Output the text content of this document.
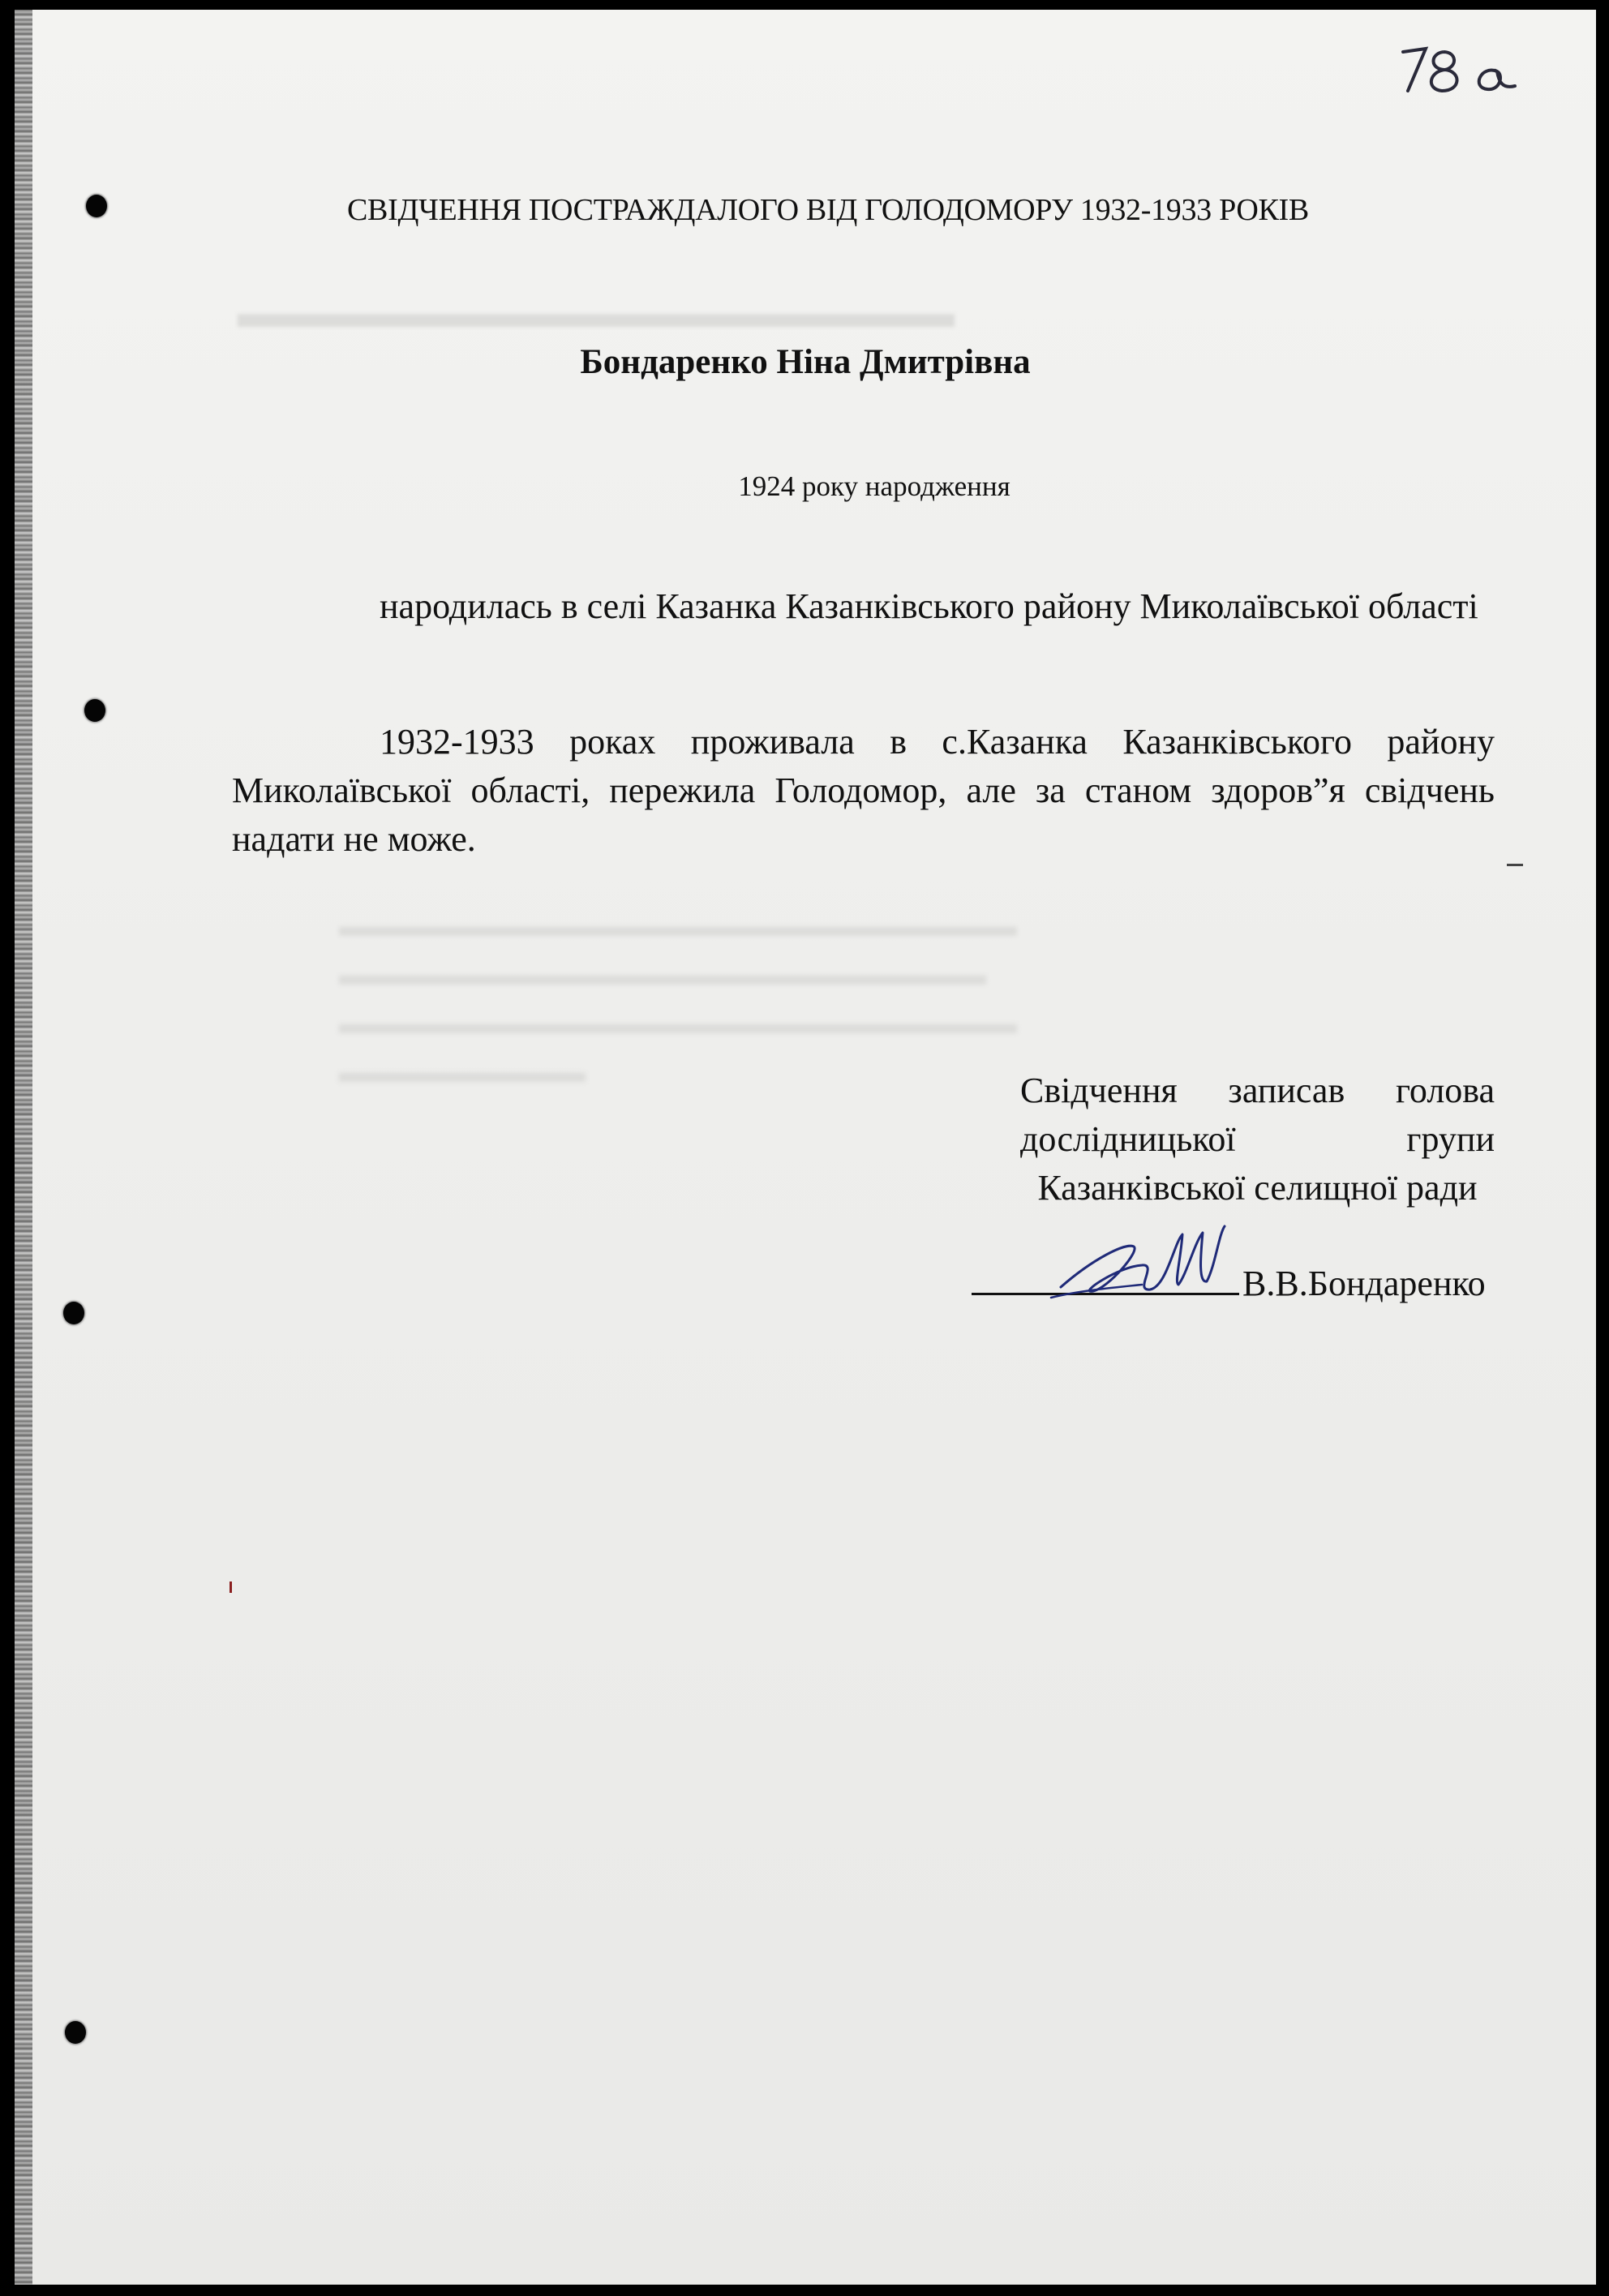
▬▬▬▬▬▬▬▬▬▬▬▬▬▬▬▬▬
▬▬▬▬▬▬▬▬▬▬▬▬▬▬▬▬▬▬▬▬▬▬
▬▬▬▬▬▬▬▬▬▬▬▬▬▬▬▬▬▬▬▬▬
▬▬▬▬▬▬▬▬▬▬▬▬▬▬▬▬▬▬▬▬▬▬
▬▬▬▬▬▬▬▬
СВІДЧЕННЯ ПОСТРАЖДАЛОГО ВІД ГОЛОДОМОРУ 1932-1933 РОКІВ
Бондаренко Ніна Дмитрівна
1924 року народження
народилась в селі Казанка Казанківського району Миколаївської області
1932-1933 роках проживала в с.Казанка Казанківського району Миколаївської області, пережила Голодомор, але за станом здоров”я свідчень надати не може.
Свідчення записав голова
дослідницької групи
Казанківської селищної ради
В.В.Бондаренко
